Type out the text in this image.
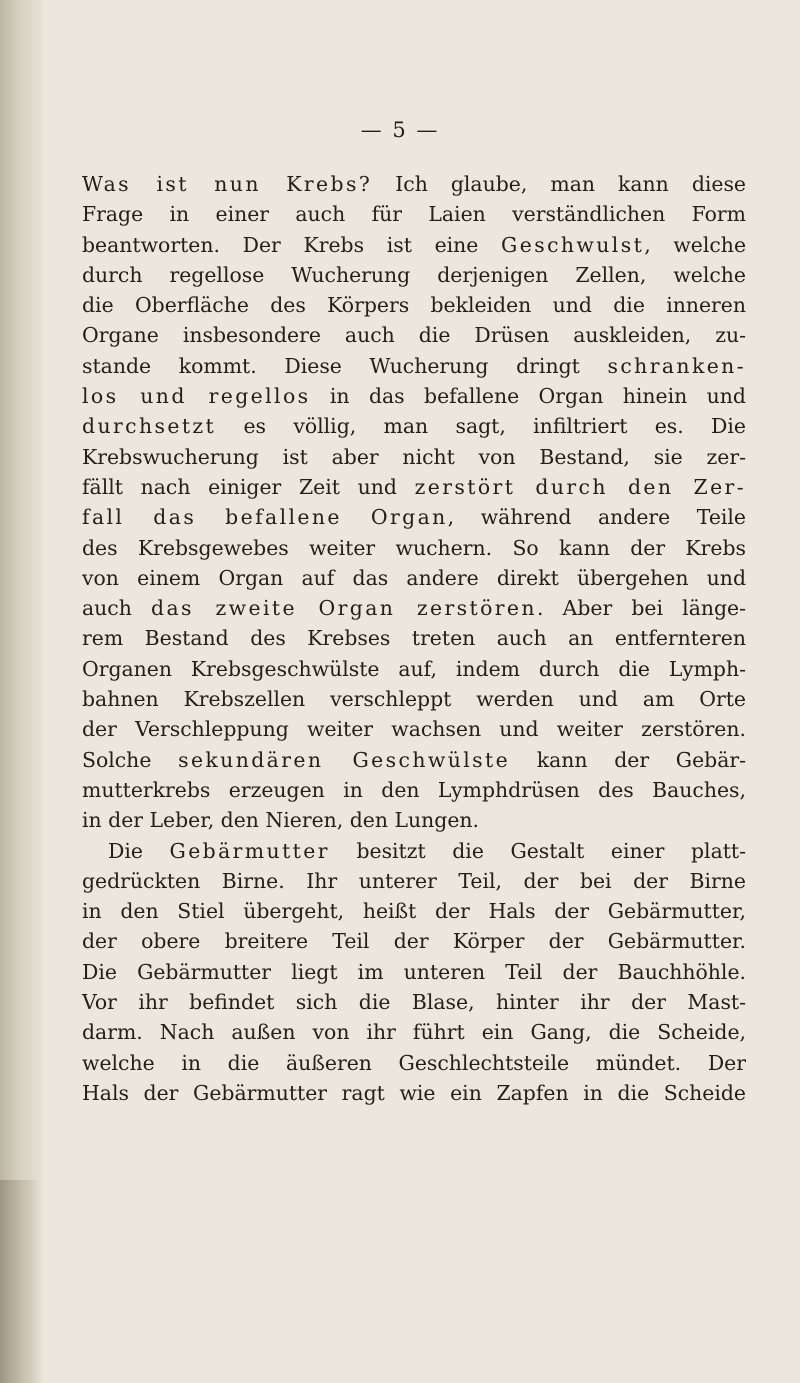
— 5 —
Was ist nun Krebs? Ich glaube, man kann diese
Frage in einer auch für Laien verständlichen Form
beantworten. Der Krebs ist eine Geschwulst, welche
durch regellose Wucherung derjenigen Zellen, welche
die Oberfläche des Körpers bekleiden und die inneren
Organe insbesondere auch die Drüsen auskleiden, zu-
stande kommt. Diese Wucherung dringt schranken-
los und regellos in das befallene Organ hinein und
durchsetzt es völlig, man sagt, infiltriert es. Die
Krebswucherung ist aber nicht von Bestand, sie zer-
fällt nach einiger Zeit und zerstört durch den Zer-
fall das befallene Organ, während andere Teile
des Krebsgewebes weiter wuchern. So kann der Krebs
von einem Organ auf das andere direkt übergehen und
auch das zweite Organ zerstören. Aber bei länge-
rem Bestand des Krebses treten auch an entfernteren
Organen Krebsgeschwülste auf, indem durch die Lymph-
bahnen Krebszellen verschleppt werden und am Orte
der Verschleppung weiter wachsen und weiter zerstören.
Solche sekundären Geschwülste kann der Gebär-
mutterkrebs erzeugen in den Lymphdrüsen des Bauches,
in der Leber, den Nieren, den Lungen.
Die Gebärmutter besitzt die Gestalt einer platt-
gedrückten Birne. Ihr unterer Teil, der bei der Birne
in den Stiel übergeht, heißt der Hals der Gebärmutter,
der obere breitere Teil der Körper der Gebärmutter.
Die Gebärmutter liegt im unteren Teil der Bauchhöhle.
Vor ihr befindet sich die Blase, hinter ihr der Mast-
darm. Nach außen von ihr führt ein Gang, die Scheide,
welche in die äußeren Geschlechtsteile mündet. Der
Hals der Gebärmutter ragt wie ein Zapfen in die Scheide
